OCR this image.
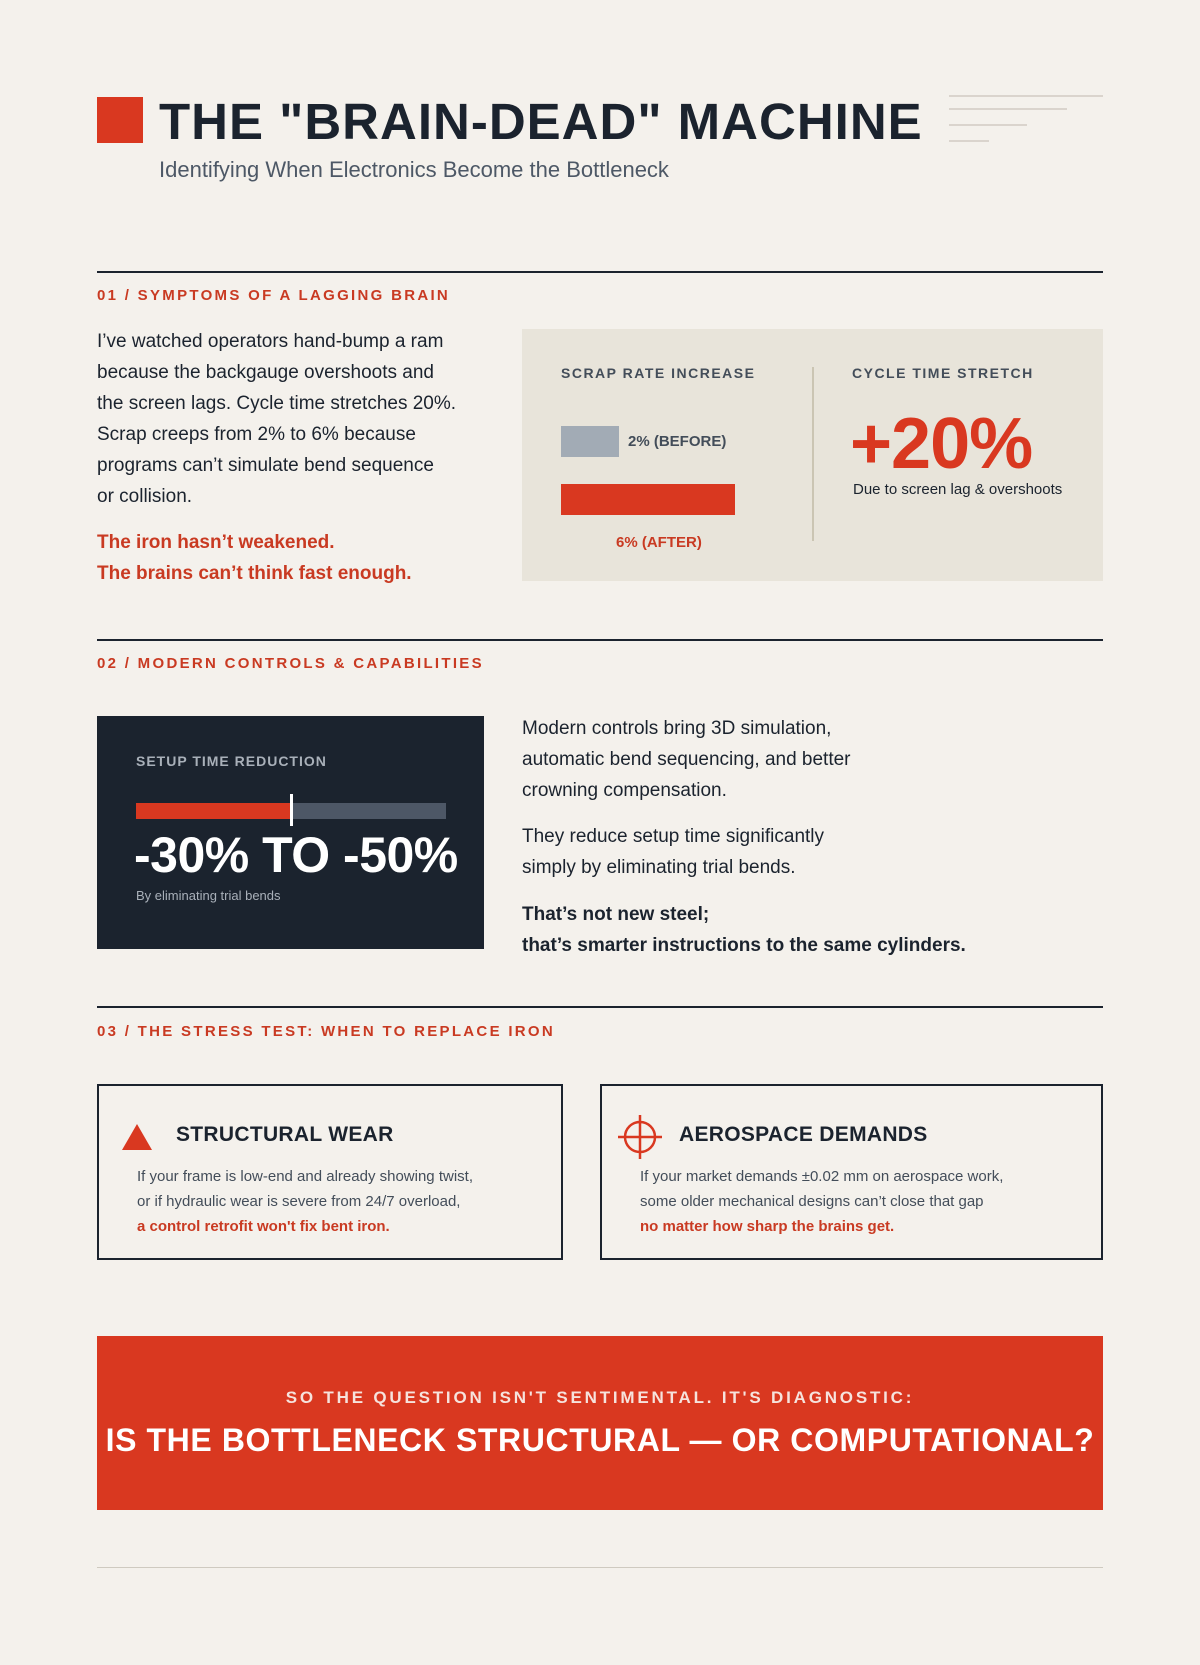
THE "BRAIN-DEAD" MACHINE
Identifying When Electronics Become the Bottleneck
01 / SYMPTOMS OF A LAGGING BRAIN
I’ve watched operators hand-bump a ram
because the backgauge overshoots and
the screen lags. Cycle time stretches 20%.
Scrap creeps from 2% to 6% because
programs can’t simulate bend sequence
or collision.
The iron hasn’t weakened.
The brains can’t think fast enough.
SCRAP RATE INCREASE
2% (BEFORE)
6% (AFTER)
CYCLE TIME STRETCH
+20%
Due to screen lag & overshoots
02 / MODERN CONTROLS & CAPABILITIES
SETUP TIME REDUCTION
-30% TO -50%
By eliminating trial bends
Modern controls bring 3D simulation,
automatic bend sequencing, and better
crowning compensation.
They reduce setup time significantly
simply by eliminating trial bends.
That’s not new steel;
that’s smarter instructions to the same cylinders.
03 / THE STRESS TEST: WHEN TO REPLACE IRON
STRUCTURAL WEAR
If your frame is low-end and already showing twist,
or if hydraulic wear is severe from 24/7 overload,
a control retrofit won't fix bent iron.
AEROSPACE DEMANDS
If your market demands ±0.02 mm on aerospace work,
some older mechanical designs can’t close that gap
no matter how sharp the brains get.
SO THE QUESTION ISN'T SENTIMENTAL. IT'S DIAGNOSTIC:
IS THE BOTTLENECK STRUCTURAL — OR COMPUTATIONAL?
